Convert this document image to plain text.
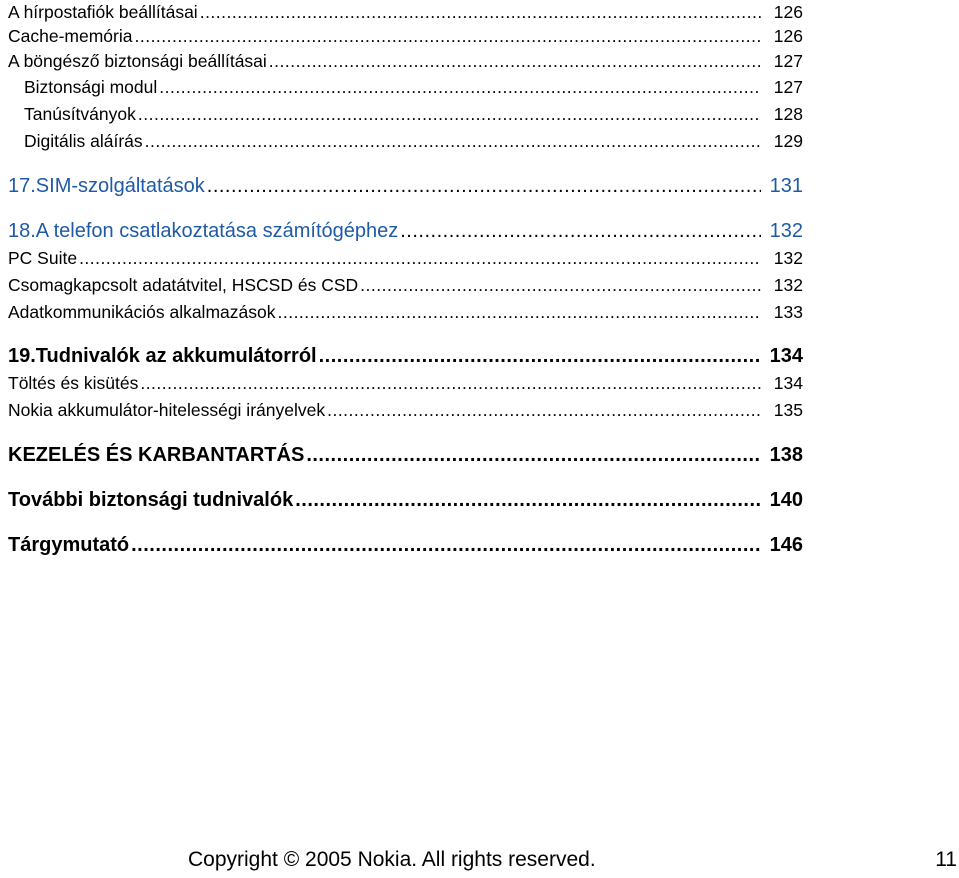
A hírpostafiók beállításai .....	126
Cache-memória .....	126
A böngésző biztonsági beállításai .....	127
Biztonsági modul .....	127
Tanúsítványok .....	128
Digitális aláírás .....	129
17.SIM-szolgáltatások .....	131
18.A telefon csatlakoztatása számítógéphez .....	132
PC Suite .....	132
Csomagkapcsolt adatátvitel, HSCSD és CSD .....	132
Adatkommunikációs alkalmazások .....	133
19.Tudnivalók az akkumulátorról .....	134
Töltés és kisütés .....	134
Nokia akkumulátor-hitelességi irányelvek .....	135
KEZELÉS ÉS KARBANTARTÁS .....	138
További biztonsági tudnivalók .....	140
Tárgymutató .....	146
Copyright © 2005 Nokia. All rights reserved.	11
